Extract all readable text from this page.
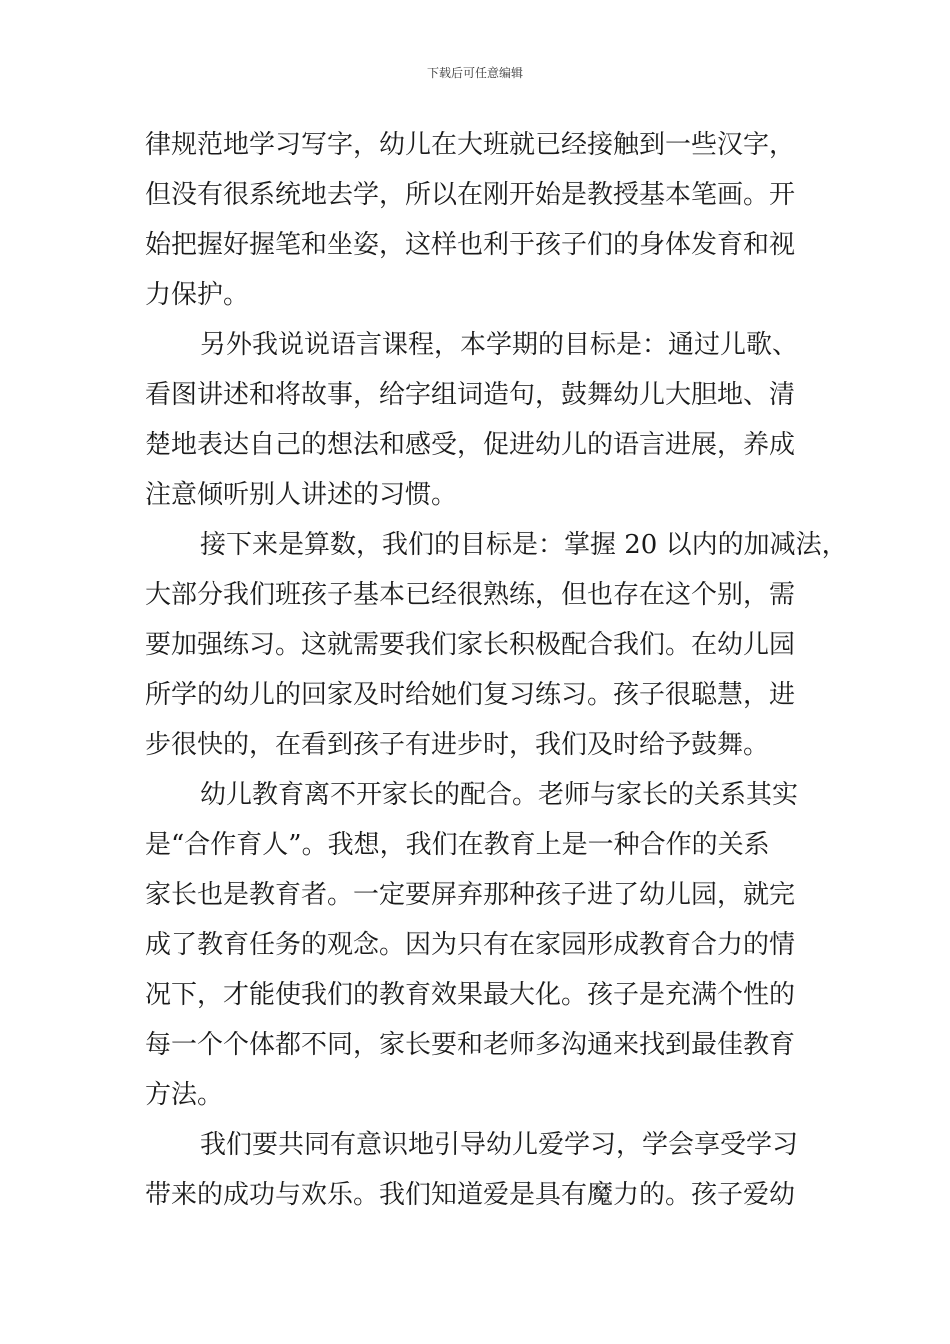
下载后可任意编辑
律规范地学习写字，幼儿在大班就已经接触到一些汉字，
但没有很系统地去学，所以在刚开始是教授基本笔画。开
始把握好握笔和坐姿，这样也利于孩子们的身体发育和视
力保护。
另外我说说语言课程，本学期的目标是：通过儿歌、
看图讲述和将故事，给字组词造句，鼓舞幼儿大胆地、清
楚地表达自己的想法和感受，促进幼儿的语言进展，养成
注意倾听别人讲述的习惯。
接下来是算数，我们的目标是：掌握 20 以内的加减法，
大部分我们班孩子基本已经很熟练，但也存在这个别，需
要加强练习。这就需要我们家长积极配合我们。在幼儿园
所学的幼儿的回家及时给她们复习练习。孩子很聪慧，进
步很快的，在看到孩子有进步时，我们及时给予鼓舞。
幼儿教育离不开家长的配合。老师与家长的关系其实
是“合作育人”。我想，我们在教育上是一种合作的关系
家长也是教育者。一定要屏弃那种孩子进了幼儿园，就完
成了教育任务的观念。因为只有在家园形成教育合力的情
况下，才能使我们的教育效果最大化。孩子是充满个性的
每一个个体都不同，家长要和老师多沟通来找到最佳教育
方法。
我们要共同有意识地引导幼儿爱学习，学会享受学习
带来的成功与欢乐。我们知道爱是具有魔力的。孩子爱幼
